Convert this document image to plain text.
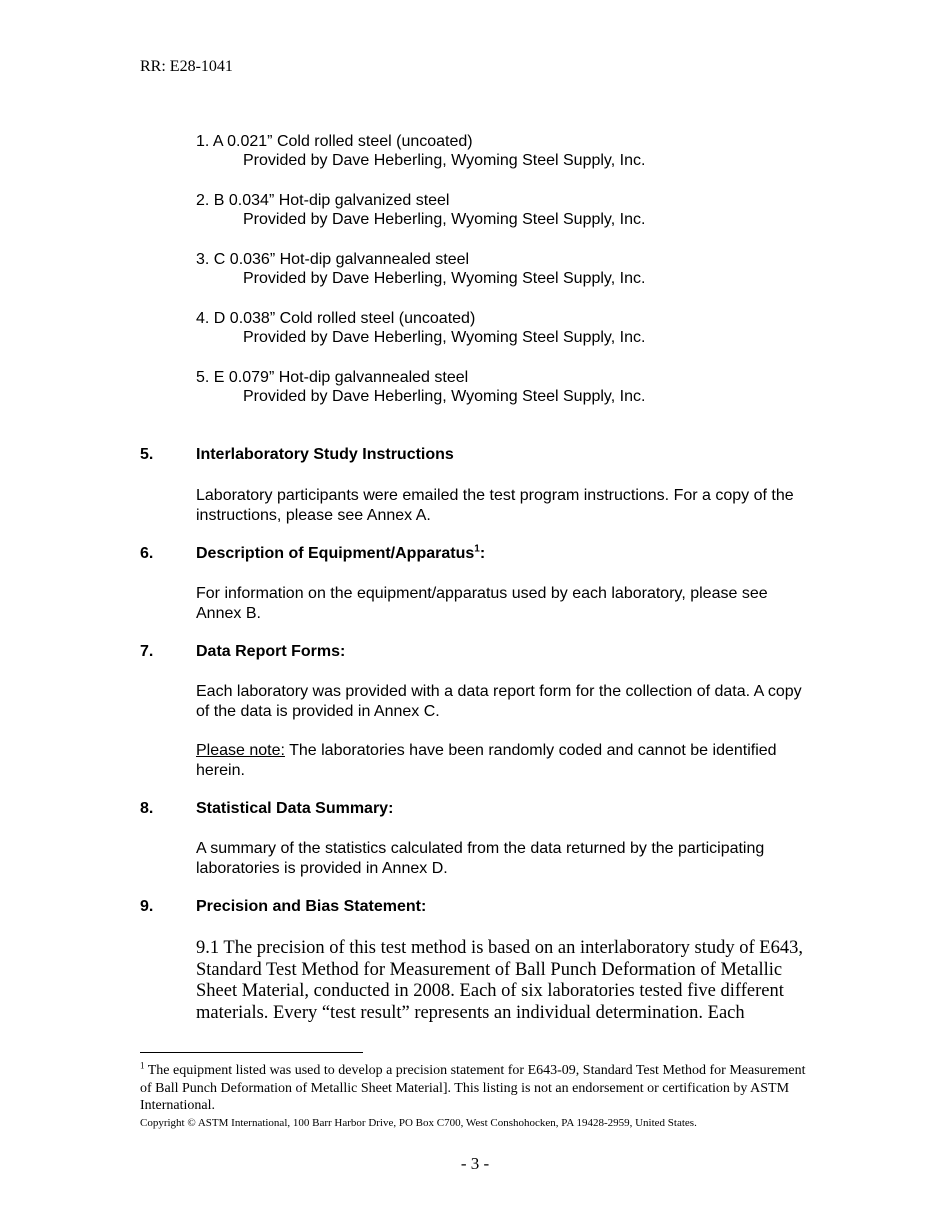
RR: E28-1041
1. A 0.021” Cold rolled steel (uncoated)
Provided by Dave Heberling, Wyoming Steel Supply, Inc.
2. B 0.034” Hot-dip galvanized steel
Provided by Dave Heberling, Wyoming Steel Supply, Inc.
3. C 0.036” Hot-dip galvannealed steel
Provided by Dave Heberling, Wyoming Steel Supply, Inc.
4. D 0.038” Cold rolled steel (uncoated)
Provided by Dave Heberling, Wyoming Steel Supply, Inc.
5. E 0.079” Hot-dip galvannealed steel
Provided by Dave Heberling, Wyoming Steel Supply, Inc.
5.	Interlaboratory Study Instructions
Laboratory participants were emailed the test program instructions. For a copy of the instructions, please see Annex A.
6.	Description of Equipment/Apparatus$^1$:
For information on the equipment/apparatus used by each laboratory, please see Annex B.
7.	Data Report Forms:
Each laboratory was provided with a data report form for the collection of data. A copy of the data is provided in Annex C.
Please note: The laboratories have been randomly coded and cannot be identified herein.
8.	Statistical Data Summary:
A summary of the statistics calculated from the data returned by the participating laboratories is provided in Annex D.
9.	Precision and Bias Statement:
9.1 The precision of this test method is based on an interlaboratory study of E643, Standard Test Method for Measurement of Ball Punch Deformation of Metallic Sheet Material, conducted in 2008. Each of six laboratories tested five different materials. Every “test result” represents an individual determination. Each
$^1$ The equipment listed was used to develop a precision statement for E643-09, Standard Test Method for Measurement of Ball Punch Deformation of Metallic Sheet Material]. This listing is not an endorsement or certification by ASTM International.
Copyright © ASTM International, 100 Barr Harbor Drive, PO Box C700, West Conshohocken, PA 19428-2959, United States.
- 3 -
